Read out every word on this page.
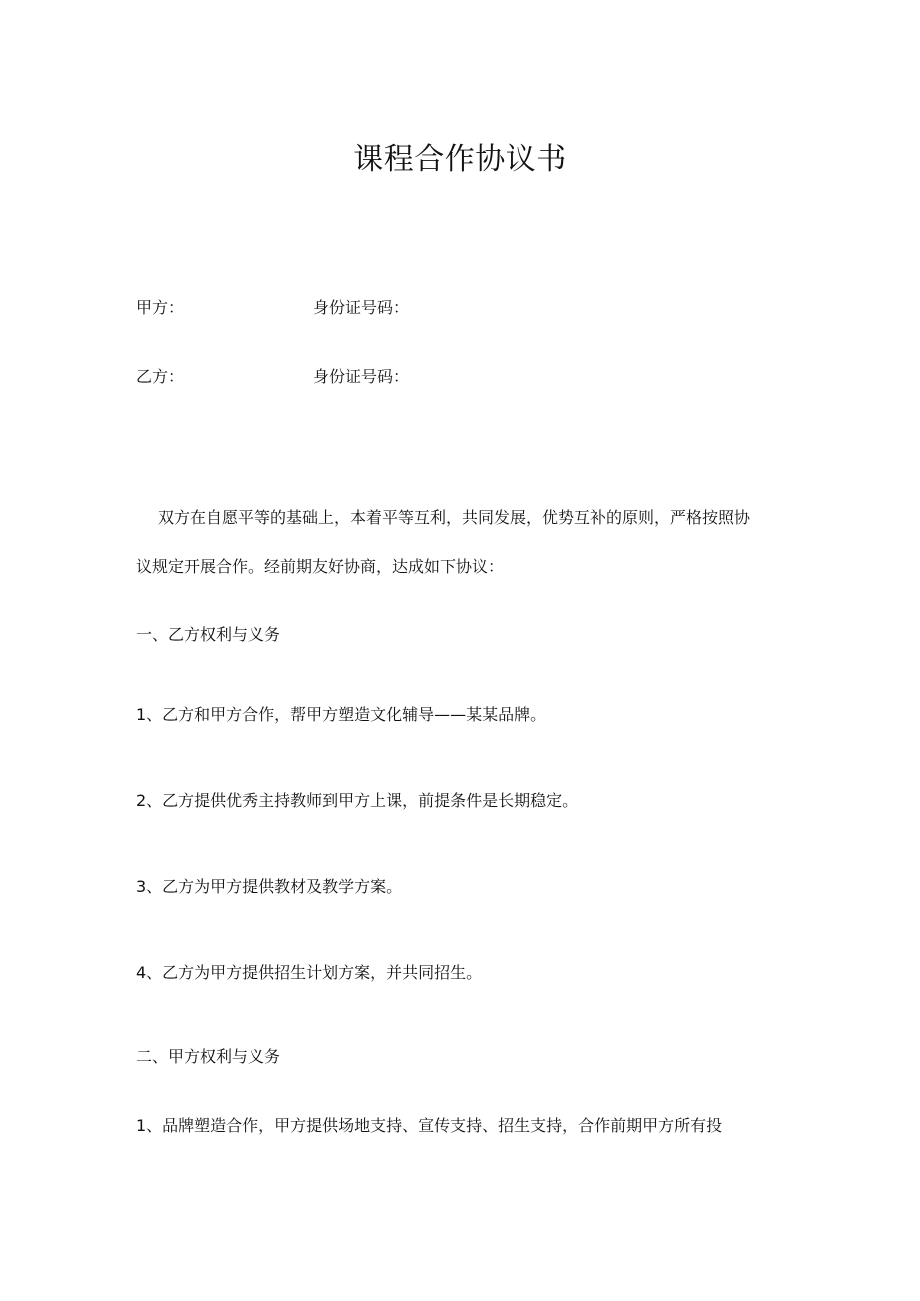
课程合作协议书
甲方：	身份证号码：
乙方：	身份证号码：
双方在自愿平等的基础上，本着平等互利，共同发展，优势互补的原则，严格按照协
议规定开展合作。经前期友好协商，达成如下协议：
一、乙方权利与义务
1、乙方和甲方合作，帮甲方塑造文化辅导——某某品牌。
2、乙方提供优秀主持教师到甲方上课，前提条件是长期稳定。
3、乙方为甲方提供教材及教学方案。
4、乙方为甲方提供招生计划方案，并共同招生。
二、甲方权利与义务
1、品牌塑造合作，甲方提供场地支持、宣传支持、招生支持，合作前期甲方所有投
